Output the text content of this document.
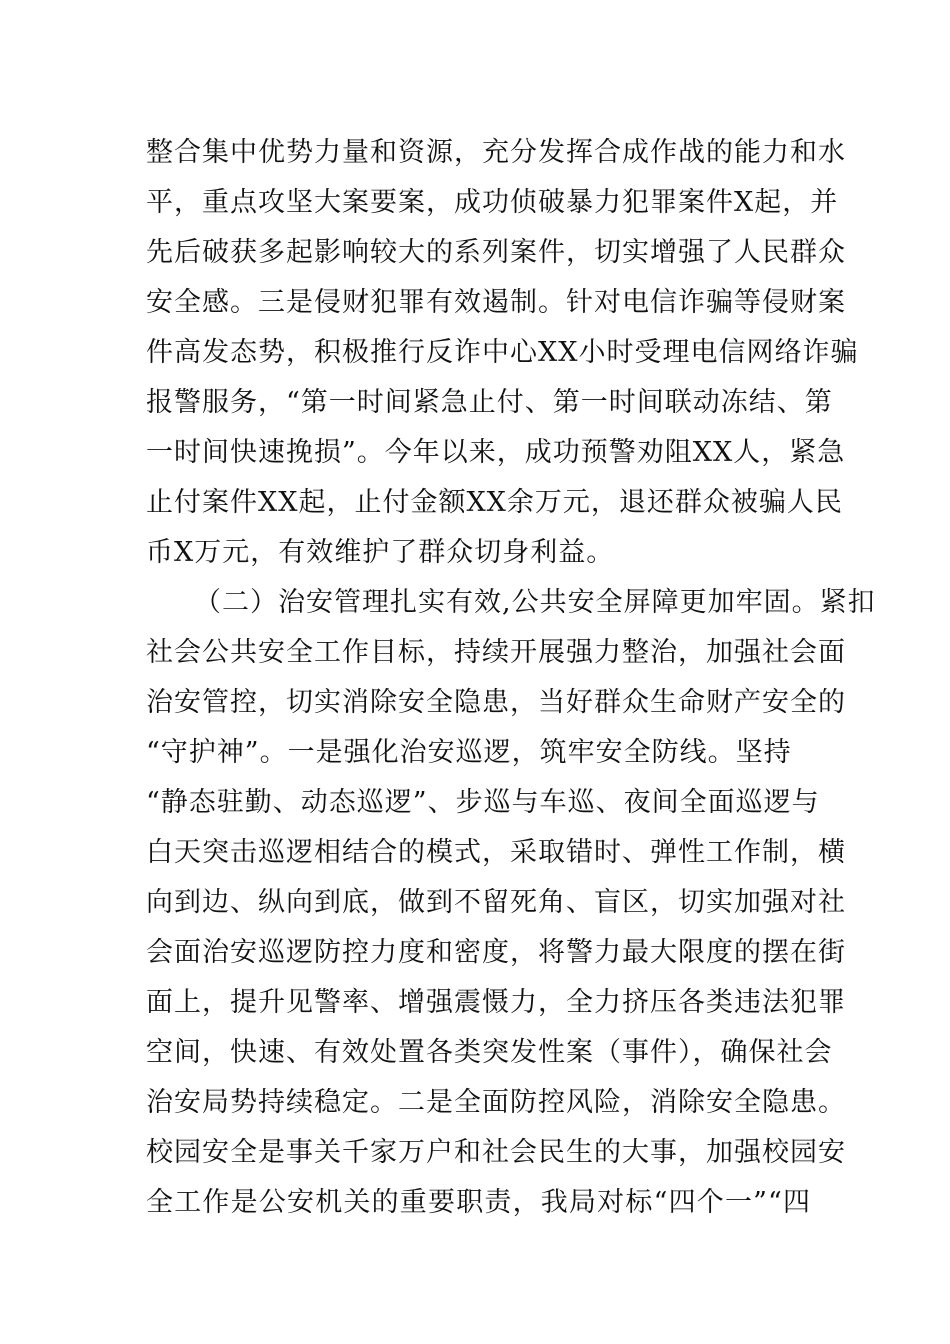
整合集中优势力量和资源，充分发挥合成作战的能力和水
平，重点攻坚大案要案，成功侦破暴力犯罪案件X起，并
先后破获多起影响较大的系列案件，切实增强了人民群众
安全感。三是侵财犯罪有效遏制。针对电信诈骗等侵财案
件高发态势，积极推行反诈中心XX小时受理电信网络诈骗
报警服务，“第一时间紧急止付、第一时间联动冻结、第
一时间快速挽损”。今年以来，成功预警劝阻XX人，紧急
止付案件XX起，止付金额XX余万元，退还群众被骗人民
币X万元，有效维护了群众切身利益。
（二）治安管理扎实有效,公共安全屏障更加牢固。紧扣
社会公共安全工作目标，持续开展强力整治，加强社会面
治安管控，切实消除安全隐患，当好群众生命财产安全的
“守护神”。一是强化治安巡逻，筑牢安全防线。坚持
“静态驻勤、动态巡逻”、步巡与车巡、夜间全面巡逻与
白天突击巡逻相结合的模式，采取错时、弹性工作制，横
向到边、纵向到底，做到不留死角、盲区，切实加强对社
会面治安巡逻防控力度和密度，将警力最大限度的摆在街
面上，提升见警率、增强震慑力，全力挤压各类违法犯罪
空间，快速、有效处置各类突发性案（事件），确保社会
治安局势持续稳定。二是全面防控风险，消除安全隐患。
校园安全是事关千家万户和社会民生的大事，加强校园安
全工作是公安机关的重要职责，我局对标“四个一”“四
